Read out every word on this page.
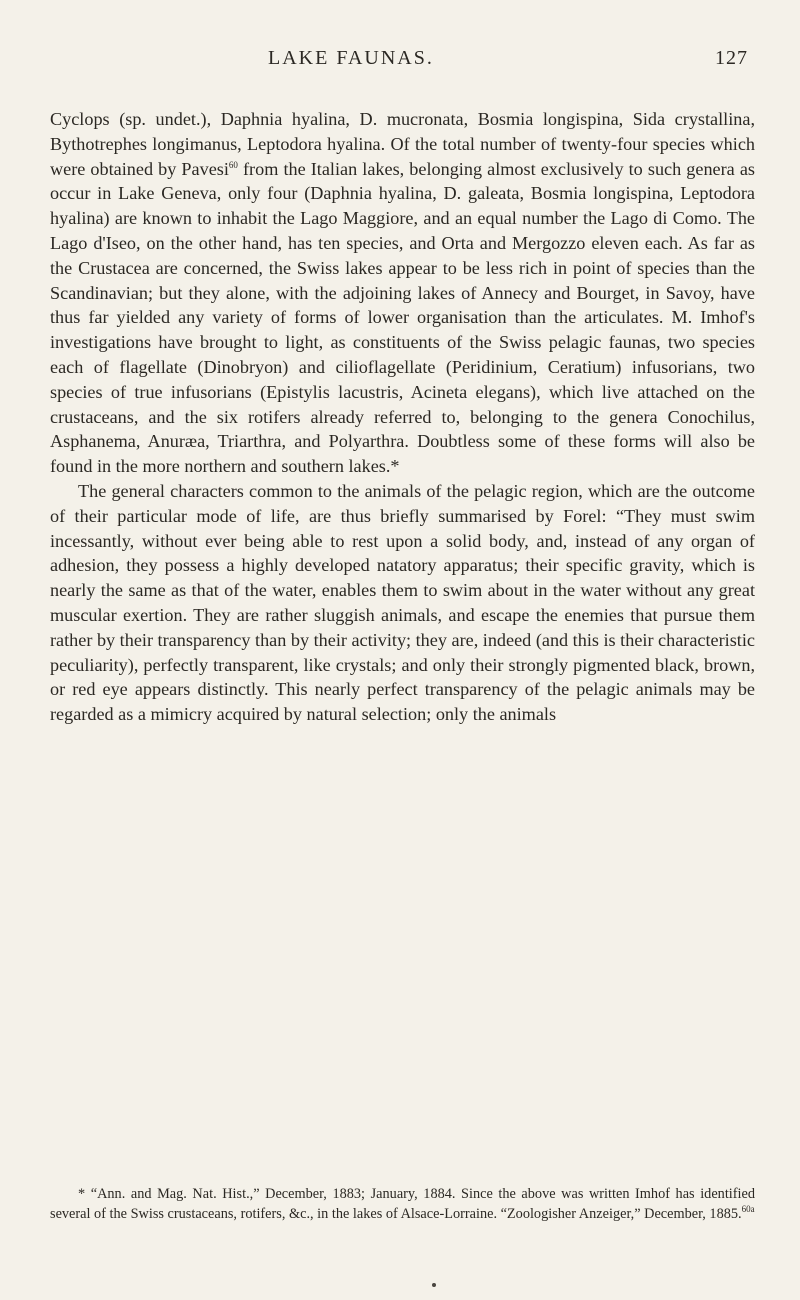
LAKE FAUNAS.	127

Cyclops (sp. undet.), Daphnia hyalina, D. mucronata, Bosmia longispina, Sida crystallina, Bythotrephes longimanus, Leptodora hyalina. Of the total number of twenty-four species which were obtained by Pavesi$^{60}$ from the Italian lakes, belonging almost exclusively to such genera as occur in Lake Geneva, only four (Daphnia hyalina, D. galeata, Bosmia longispina, Leptodora hyalina) are known to inhabit the Lago Maggiore, and an equal number the Lago di Como. The Lago d'Iseo, on the other hand, has ten species, and Orta and Mergozzo eleven each. As far as the Crustacea are concerned, the Swiss lakes appear to be less rich in point of species than the Scandinavian; but they alone, with the adjoining lakes of Annecy and Bourget, in Savoy, have thus far yielded any variety of forms of lower organisation than the articulates. M. Imhof's investigations have brought to light, as constituents of the Swiss pelagic faunas, two species each of flagellate (Dinobryon) and cilioflagellate (Peridinium, Ceratium) infusorians, two species of true infusorians (Epistylis lacustris, Acineta elegans), which live attached on the crustaceans, and the six rotifers already referred to, belonging to the genera Conochilus, Asphanema, Anuræa, Triarthra, and Polyarthra. Doubtless some of these forms will also be found in the more northern and southern lakes.*

The general characters common to the animals of the pelagic region, which are the outcome of their particular mode of life, are thus briefly summarised by Forel: “They must swim incessantly, without ever being able to rest upon a solid body, and, instead of any organ of adhesion, they possess a highly developed natatory apparatus; their specific gravity, which is nearly the same as that of the water, enables them to swim about in the water without any great muscular exertion. They are rather sluggish animals, and escape the enemies that pursue them rather by their transparency than by their activity; they are, indeed (and this is their characteristic peculiarity), perfectly transparent, like crystals; and only their strongly pigmented black, brown, or red eye appears distinctly. This nearly perfect transparency of the pelagic animals may be regarded as a mimicry acquired by natural selection; only the animals

* “Ann. and Mag. Nat. Hist.,” December, 1883; January, 1884. Since the above was written Imhof has identified several of the Swiss crustaceans, rotifers, &c., in the lakes of Alsace-Lorraine. “Zoologisher Anzeiger,” December, 1885.$^{60a}$
